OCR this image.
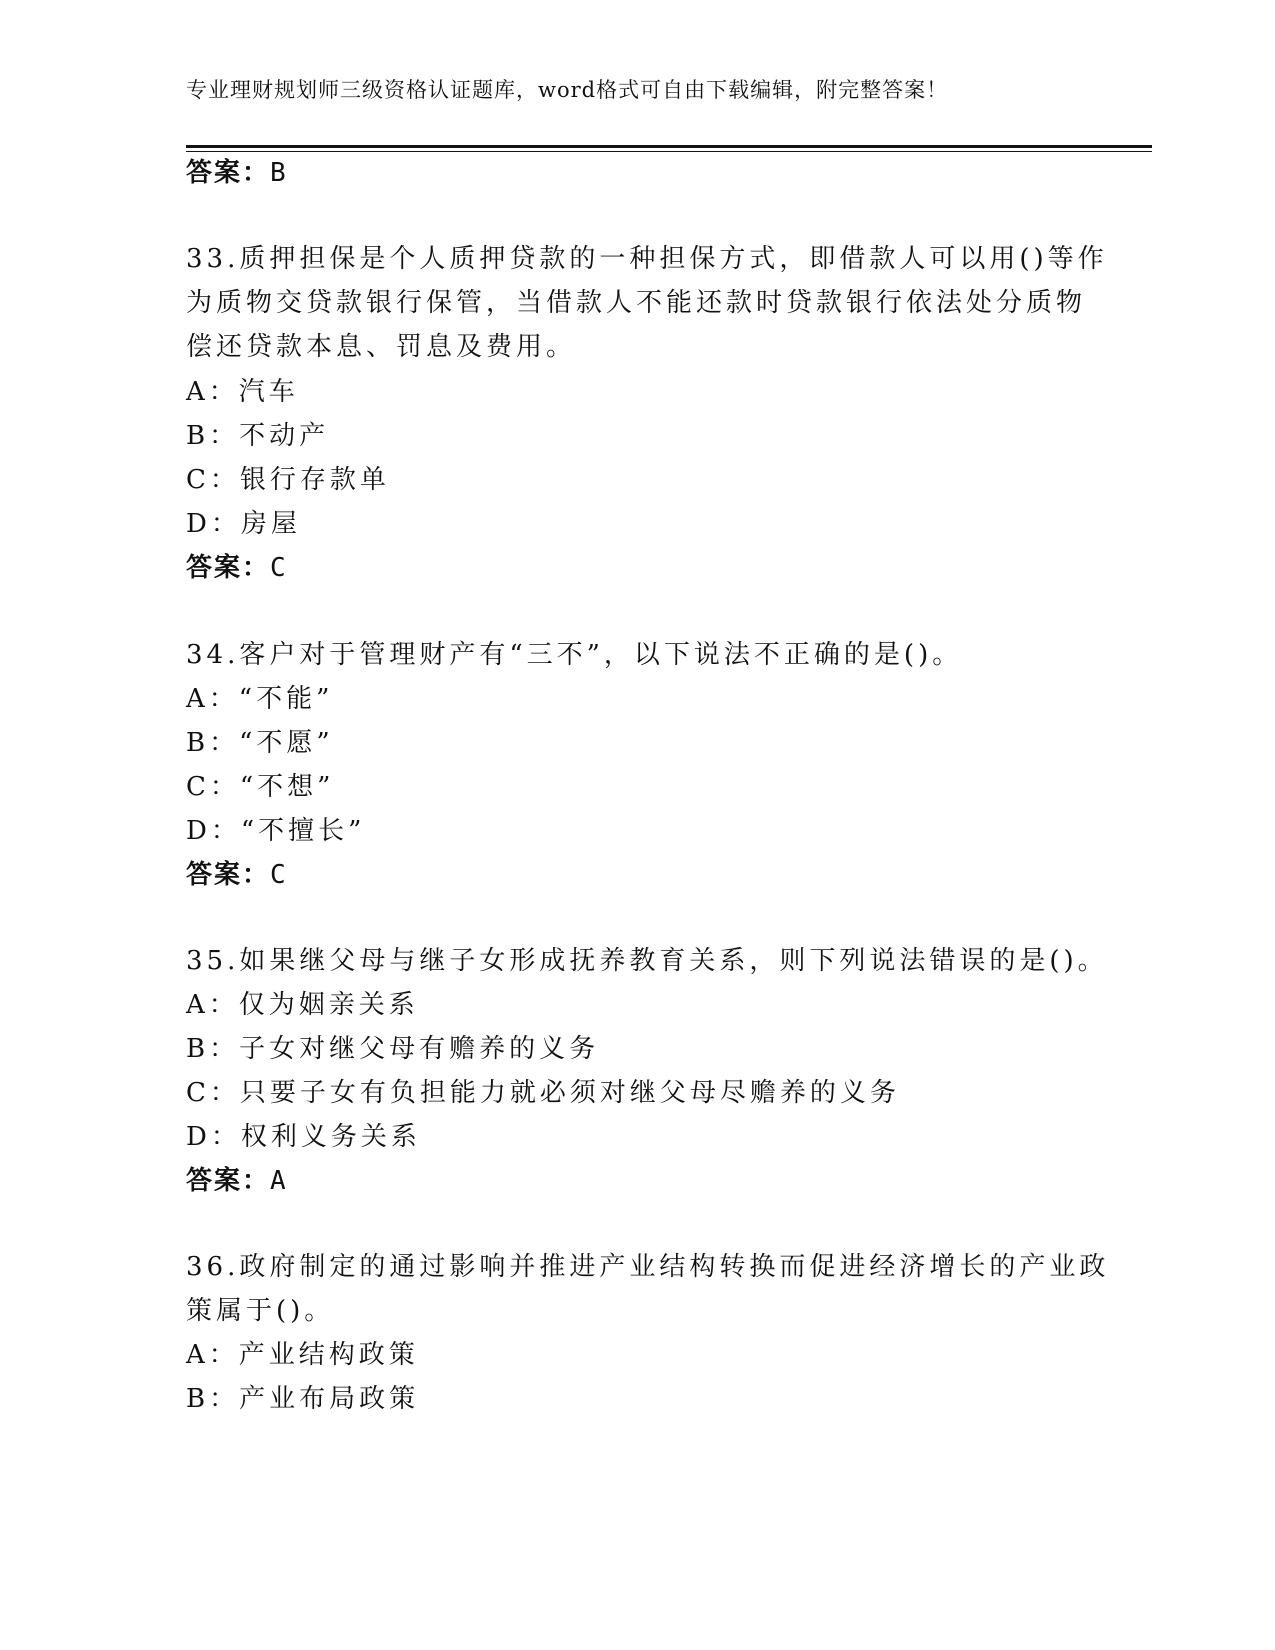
专业理财规划师三级资格认证题库，word格式可自由下载编辑，附完整答案！
答案：B
33.质押担保是个人质押贷款的一种担保方式，即借款人可以用()等作
为质物交贷款银行保管，当借款人不能还款时贷款银行依法处分质物
偿还贷款本息、罚息及费用。
A：汽车
B：不动产
C：银行存款单
D：房屋
答案：C
34.客户对于管理财产有“三不”，以下说法不正确的是()。
A：“不能”
B：“不愿”
C：“不想”
D：“不擅长”
答案：C
35.如果继父母与继子女形成抚养教育关系，则下列说法错误的是()。
A：仅为姻亲关系
B：子女对继父母有赡养的义务
C：只要子女有负担能力就必须对继父母尽赡养的义务
D：权利义务关系
答案：A
36.政府制定的通过影响并推进产业结构转换而促进经济增长的产业政
策属于()。
A：产业结构政策
B：产业布局政策
